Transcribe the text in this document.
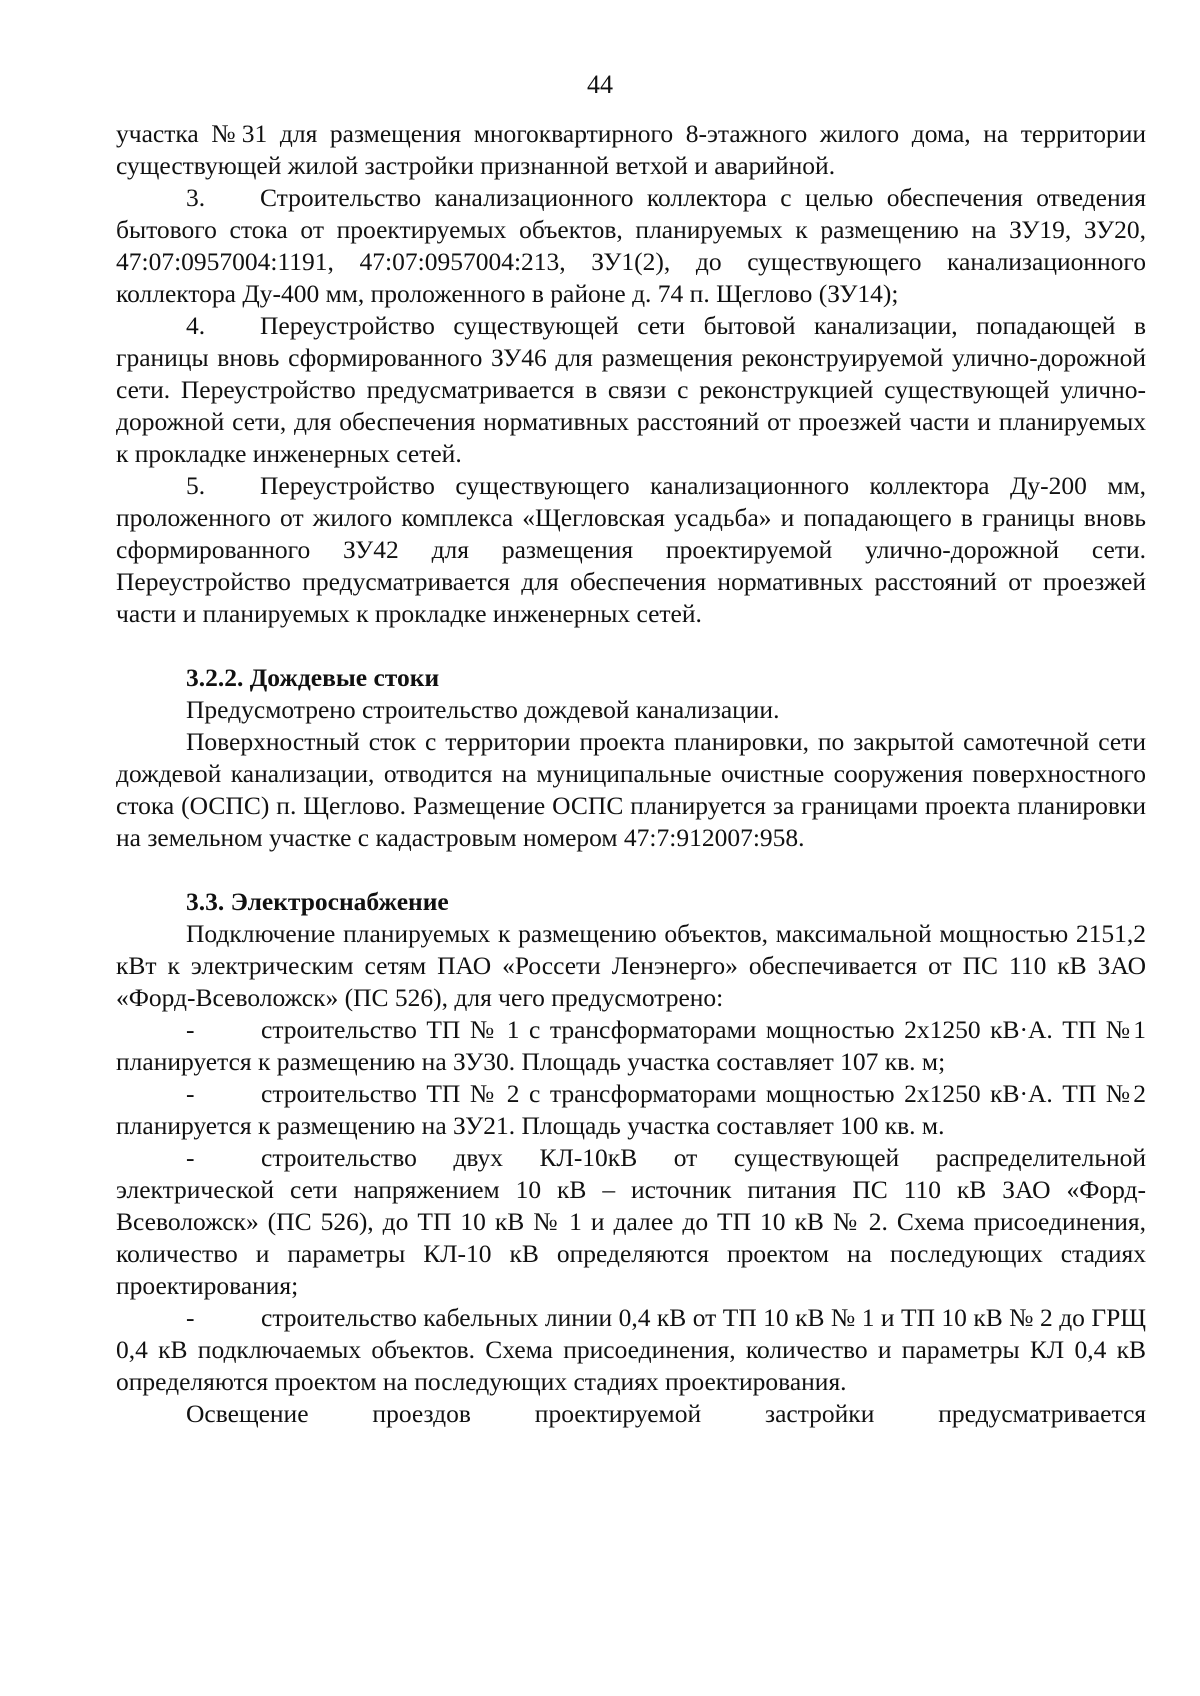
44

участка №31 для размещения многоквартирного 8-этажного жилого дома, на территории существующей жилой застройки признанной ветхой и аварийной.

3. Строительство канализационного коллектора с целью обеспечения отведения бытового стока от проектируемых объектов, планируемых к размещению на ЗУ19, ЗУ20, 47:07:0957004:1191, 47:07:0957004:213, ЗУ1(2), до существующего канализационного коллектора Ду-400 мм, проложенного в районе д. 74 п. Щеглово (ЗУ14);

4. Переустройство существующей сети бытовой канализации, попадающей в границы вновь сформированного ЗУ46 для размещения реконструируемой улично-дорожной сети. Переустройство предусматривается в связи с реконструкцией существующей улично-дорожной сети, для обеспечения нормативных расстояний от проезжей части и планируемых к прокладке инженерных сетей.

5. Переустройство существующего канализационного коллектора Ду-200 мм, проложенного от жилого комплекса «Щегловская усадьба» и попадающего в границы вновь сформированного ЗУ42 для размещения проектируемой улично-дорожной сети. Переустройство предусматривается для обеспечения нормативных расстояний от проезжей части и планируемых к прокладке инженерных сетей.

3.2.2. Дождевые стоки

Предусмотрено строительство дождевой канализации.

Поверхностный сток с территории проекта планировки, по закрытой самотечной сети дождевой канализации, отводится на муниципальные очистные сооружения поверхностного стока (ОСПС) п. Щеглово. Размещение ОСПС планируется за границами проекта планировки на земельном участке с кадастровым номером 47:7:912007:958.

3.3. Электроснабжение

Подключение планируемых к размещению объектов, максимальной мощностью 2151,2 кВт к электрическим сетям ПАО «Россети Ленэнерго» обеспечивается от ПС 110 кВ ЗАО «Форд-Всеволожск» (ПС 526), для чего предусмотрено:

-	строительство ТП № 1 с трансформаторами мощностью 2х1250 кВ·А. ТП №1 планируется к размещению на ЗУ30. Площадь участка составляет 107 кв. м;

-	строительство ТП № 2 с трансформаторами мощностью 2х1250 кВ·А. ТП №2 планируется к размещению на ЗУ21. Площадь участка составляет 100 кв. м.

-	строительство двух КЛ-10кВ от существующей распределительной электрической сети напряжением 10 кВ – источник питания ПС 110 кВ ЗАО «Форд-Всеволожск» (ПС 526), до ТП 10 кВ № 1 и далее до ТП 10 кВ № 2. Схема присоединения, количество и параметры КЛ-10 кВ определяются проектом на последующих стадиях проектирования;

-	строительство кабельных линии 0,4 кВ от ТП 10 кВ № 1 и ТП 10 кВ № 2 до ГРЩ 0,4 кВ подключаемых объектов. Схема присоединения, количество и параметры КЛ 0,4 кВ определяются проектом на последующих стадиях проектирования.

Освещение проездов проектируемой застройки предусматривается
